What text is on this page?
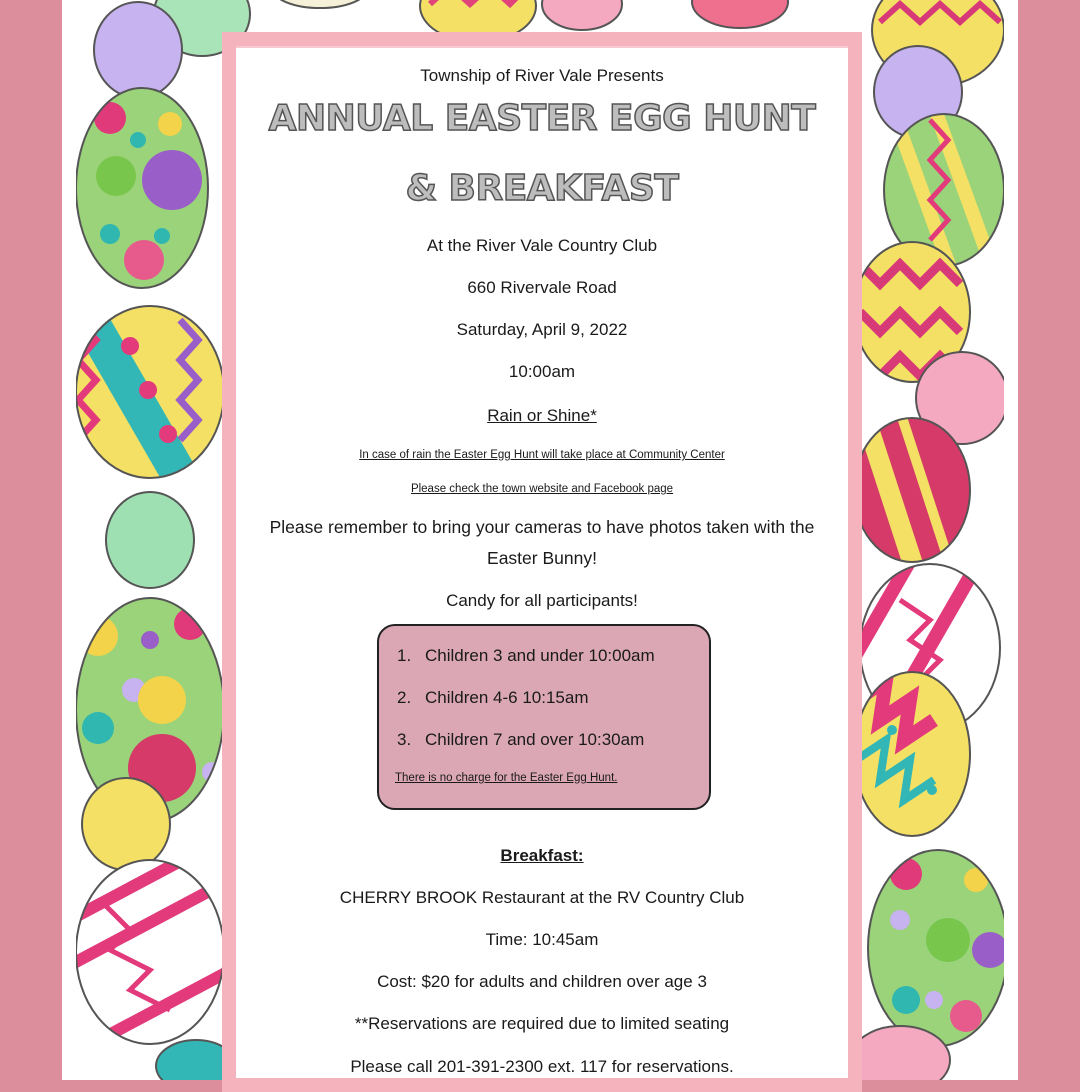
Township of River Vale Presents
ANNUAL EASTER EGG HUNT
& BREAKFAST
At the River Vale Country Club
660 Rivervale Road
Saturday, April 9, 2022
10:00am
Rain or Shine*
In case of rain the Easter Egg Hunt will take place at Community Center
Please check the town website and Facebook page
Please remember to bring your cameras to have photos taken with the Easter Bunny!
Candy for all participants!
1. Children 3 and under 10:00am
2. Children 4-6 10:15am
3. Children 7 and over 10:30am
There is no charge for the Easter Egg Hunt.
Breakfast:
CHERRY BROOK Restaurant at the RV Country Club
Time: 10:45am
Cost: $20 for adults and children over age 3
**Reservations are required due to limited seating
Please call 201-391-2300 ext. 117 for reservations.
